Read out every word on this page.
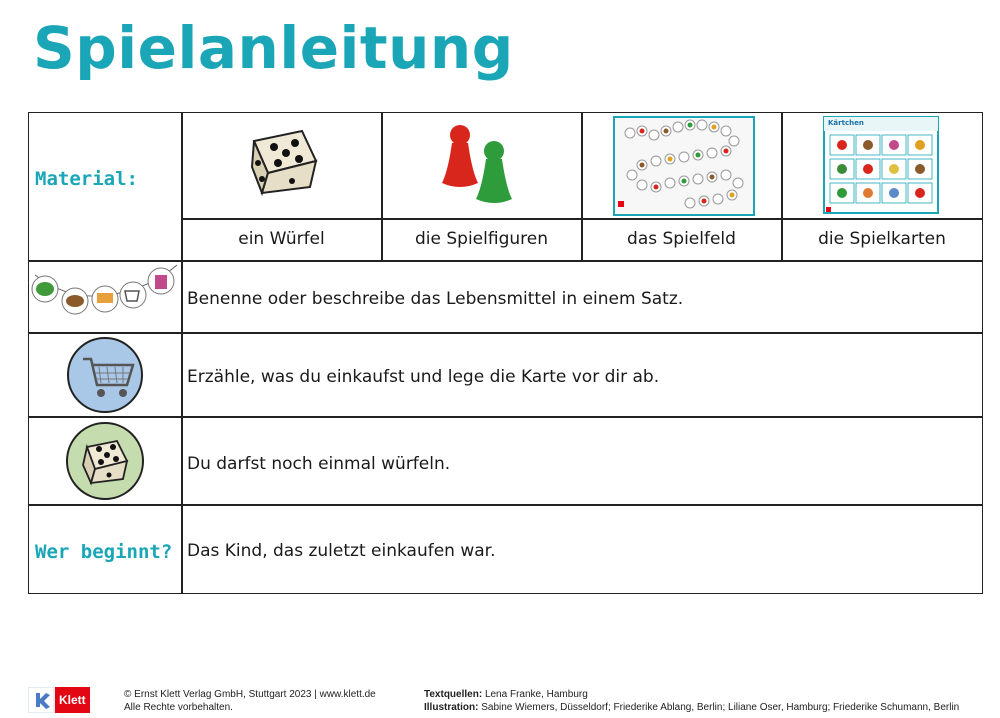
Spielanleitung
Material:
Kärtchen
ein Würfel	die Spielfiguren	das Spielfeld	die Spielkarten
Benenne oder beschreibe das Lebensmittel in einem Satz.
Erzähle, was du einkaufst und lege die Karte vor dir ab.
Du darfst noch einmal würfeln.
Wer beginnt? Das Kind, das zuletzt einkaufen war.
Klett	© Ernst Klett Verlag GmbH, Stuttgart 2023 | www.klett.de
Alle Rechte vorbehalten.
Textquellen: Lena Franke, Hamburg
Illustration: Sabine Wiemers, Düsseldorf; Friederike Ablang, Berlin; Liliane Oser, Hamburg; Friederike Schumann, Berlin
